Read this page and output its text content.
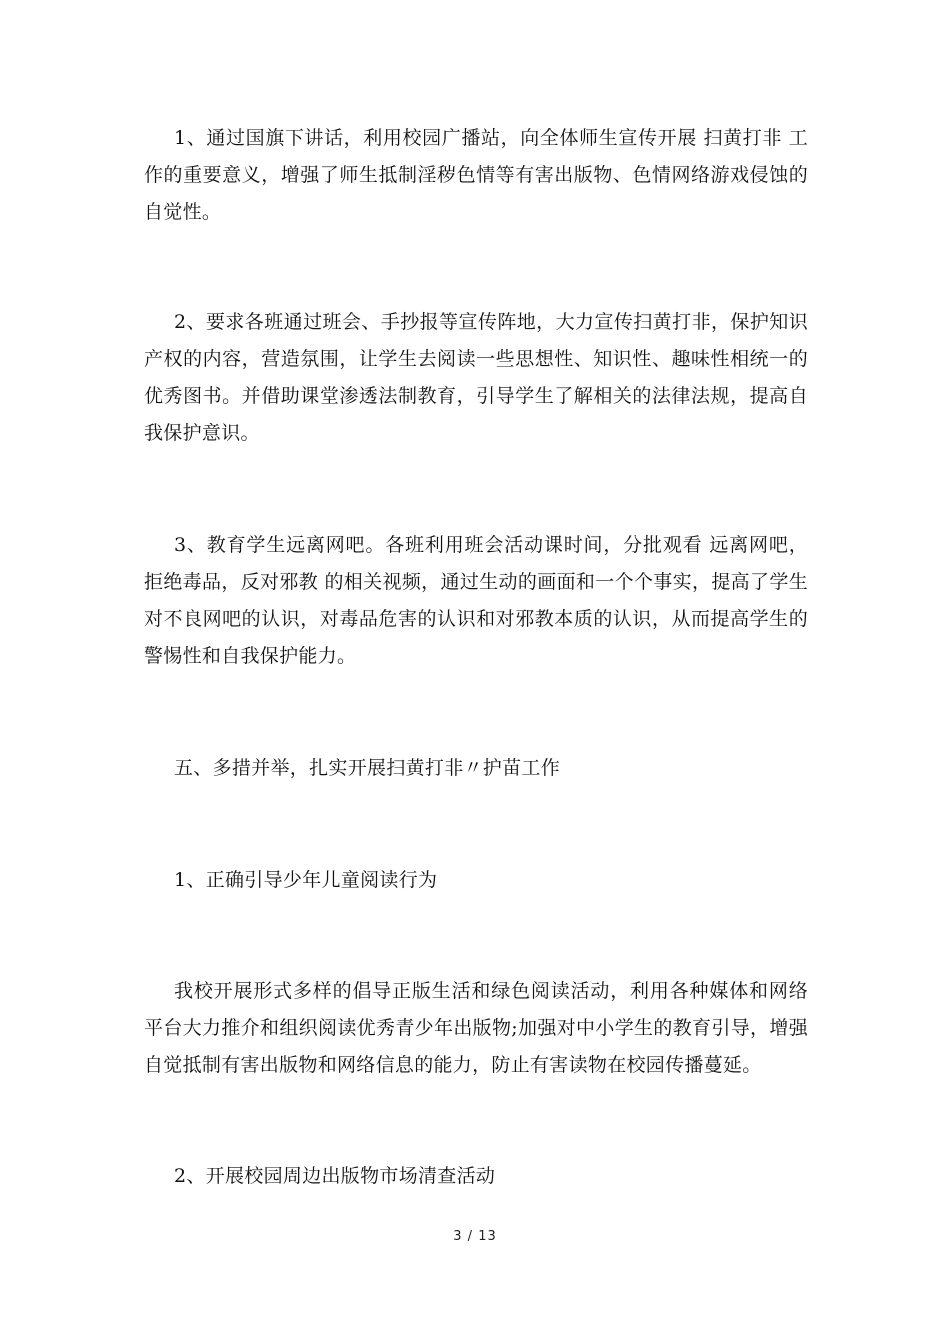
1、通过国旗下讲话，利用校园广播站，向全体师生宣传开展 扫黄打非 工作的重要意义，增强了师生抵制淫秽色情等有害出版物、色情网络游戏侵蚀的自觉性。

2、要求各班通过班会、手抄报等宣传阵地，大力宣传扫黄打非，保护知识产权的内容，营造氛围，让学生去阅读一些思想性、知识性、趣味性相统一的优秀图书。并借助课堂渗透法制教育，引导学生了解相关的法律法规，提高自我保护意识。

3、教育学生远离网吧。各班利用班会活动课时间，分批观看 远离网吧，拒绝毒品，反对邪教 的相关视频，通过生动的画面和一个个事实，提高了学生对不良网吧的认识，对毒品危害的认识和对邪教本质的认识，从而提高学生的警惕性和自我保护能力。

五、多措并举，扎实开展扫黄打非〃护苗工作

1、正确引导少年儿童阅读行为

我校开展形式多样的倡导正版生活和绿色阅读活动，利用各种媒体和网络平台大力推介和组织阅读优秀青少年出版物;加强对中小学生的教育引导，增强自觉抵制有害出版物和网络信息的能力，防止有害读物在校园传播蔓延。

2、开展校园周边出版物市场清查活动

3 / 13
